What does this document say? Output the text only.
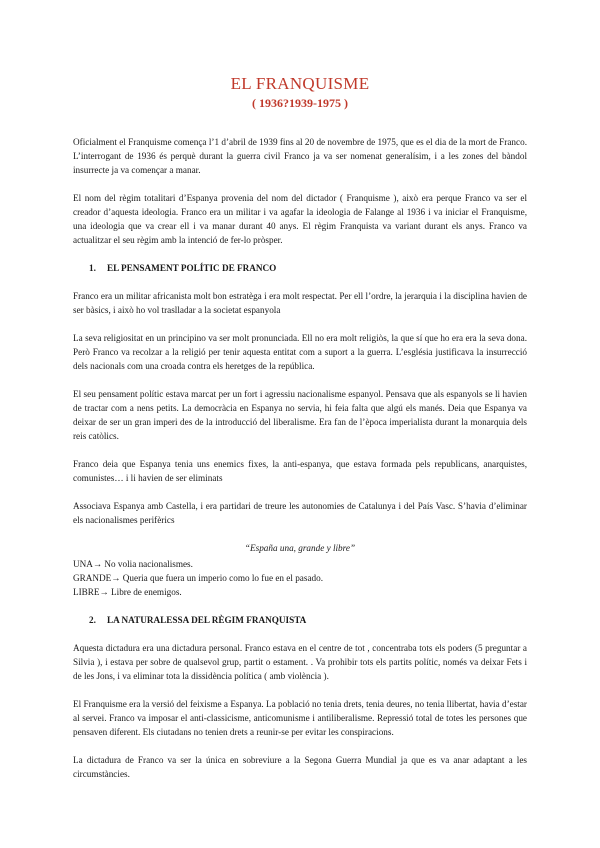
EL FRANQUISME
( 1936?1939-1975 )

Oficialment el Franquisme comença l’1 d’abril de 1939 fins al 20 de novembre de 1975, que es el dia de la mort de Franco. L’interrogant de 1936 és perquè durant la guerra civil Franco ja va ser nomenat generalísim, i a les zones del bàndol insurrecte ja va començar a manar.

El nom del règim totalitari d’Espanya provenia del nom del dictador ( Franquisme ), això era perque Franco va ser el creador d’aquesta ideologia. Franco era un militar i va agafar la ideologia de Falange al 1936 i va iniciar el Franquisme, una ideologia que va crear ell i va manar durant 40 anys. El règim Franquista va variant durant els anys. Franco va actualitzar el seu règim amb la intenció de fer-lo pròsper.

1. EL PENSAMENT POLÍTIC DE FRANCO

Franco era un militar africanista molt bon estratèga i era molt respectat. Per ell l’ordre, la jerarquia i la disciplina havien de ser bàsics, i això ho vol traslladar a la societat espanyola

La seva religiositat en un principino va ser molt pronunciada. Ell no era molt religiòs, la que sí que ho era era la seva dona. Però Franco va recolzar a la religió per tenir aquesta entitat com a suport a la guerra. L’església justificava la insurrecció dels nacionals com una croada contra els heretges de la república.

El seu pensament polític estava marcat per un fort i agressiu nacionalisme espanyol. Pensava que als espanyols se li havien de tractar com a nens petits. La democràcia en Espanya no servia, hi feia falta que algú els manés. Deia que Espanya va deixar de ser un gran imperi des de la introducció del liberalisme. Era fan de l’època imperialista durant la monarquia dels reis catòlics.

Franco deia que Espanya tenia uns enemics fixes, la anti-espanya, que estava formada pels republicans, anarquistes, comunistes… i li havien de ser eliminats

Associava Espanya amb Castella, i era partidari de treure les autonomies de Catalunya i del País Vasc. S’havia d’eliminar els nacionalismes perifèrics

“España una, grande y libre”
UNA→ No volia nacionalismes.
GRANDE→ Queria que fuera un imperio como lo fue en el pasado.
LIBRE→ Libre de enemigos.
2. LA NATURALESSA DEL RÈGIM FRANQUISTA

Aquesta dictadura era una dictadura personal. Franco estava en el centre de tot , concentraba tots els poders (5 preguntar a Silvia ), i estava per sobre de qualsevol grup, partit o estament. . Va prohibir tots els partits polític, només va deixar Fets i de les Jons, i va eliminar tota la dissidència política ( amb violència ).

El Franquisme era la versió del feixisme a Espanya. La població no tenia drets, tenia deures, no tenia llibertat, havia d’estar al servei. Franco va imposar el anti-classicisme, anticomunisme i antiliberalisme. Repressió total de totes les persones que pensaven diferent. Els ciutadans no tenien drets a reunir-se per evitar les conspiracions.

La dictadura de Franco va ser la única en sobreviure a la Segona Guerra Mundial ja que es va anar adaptant a les circumstàncies.
